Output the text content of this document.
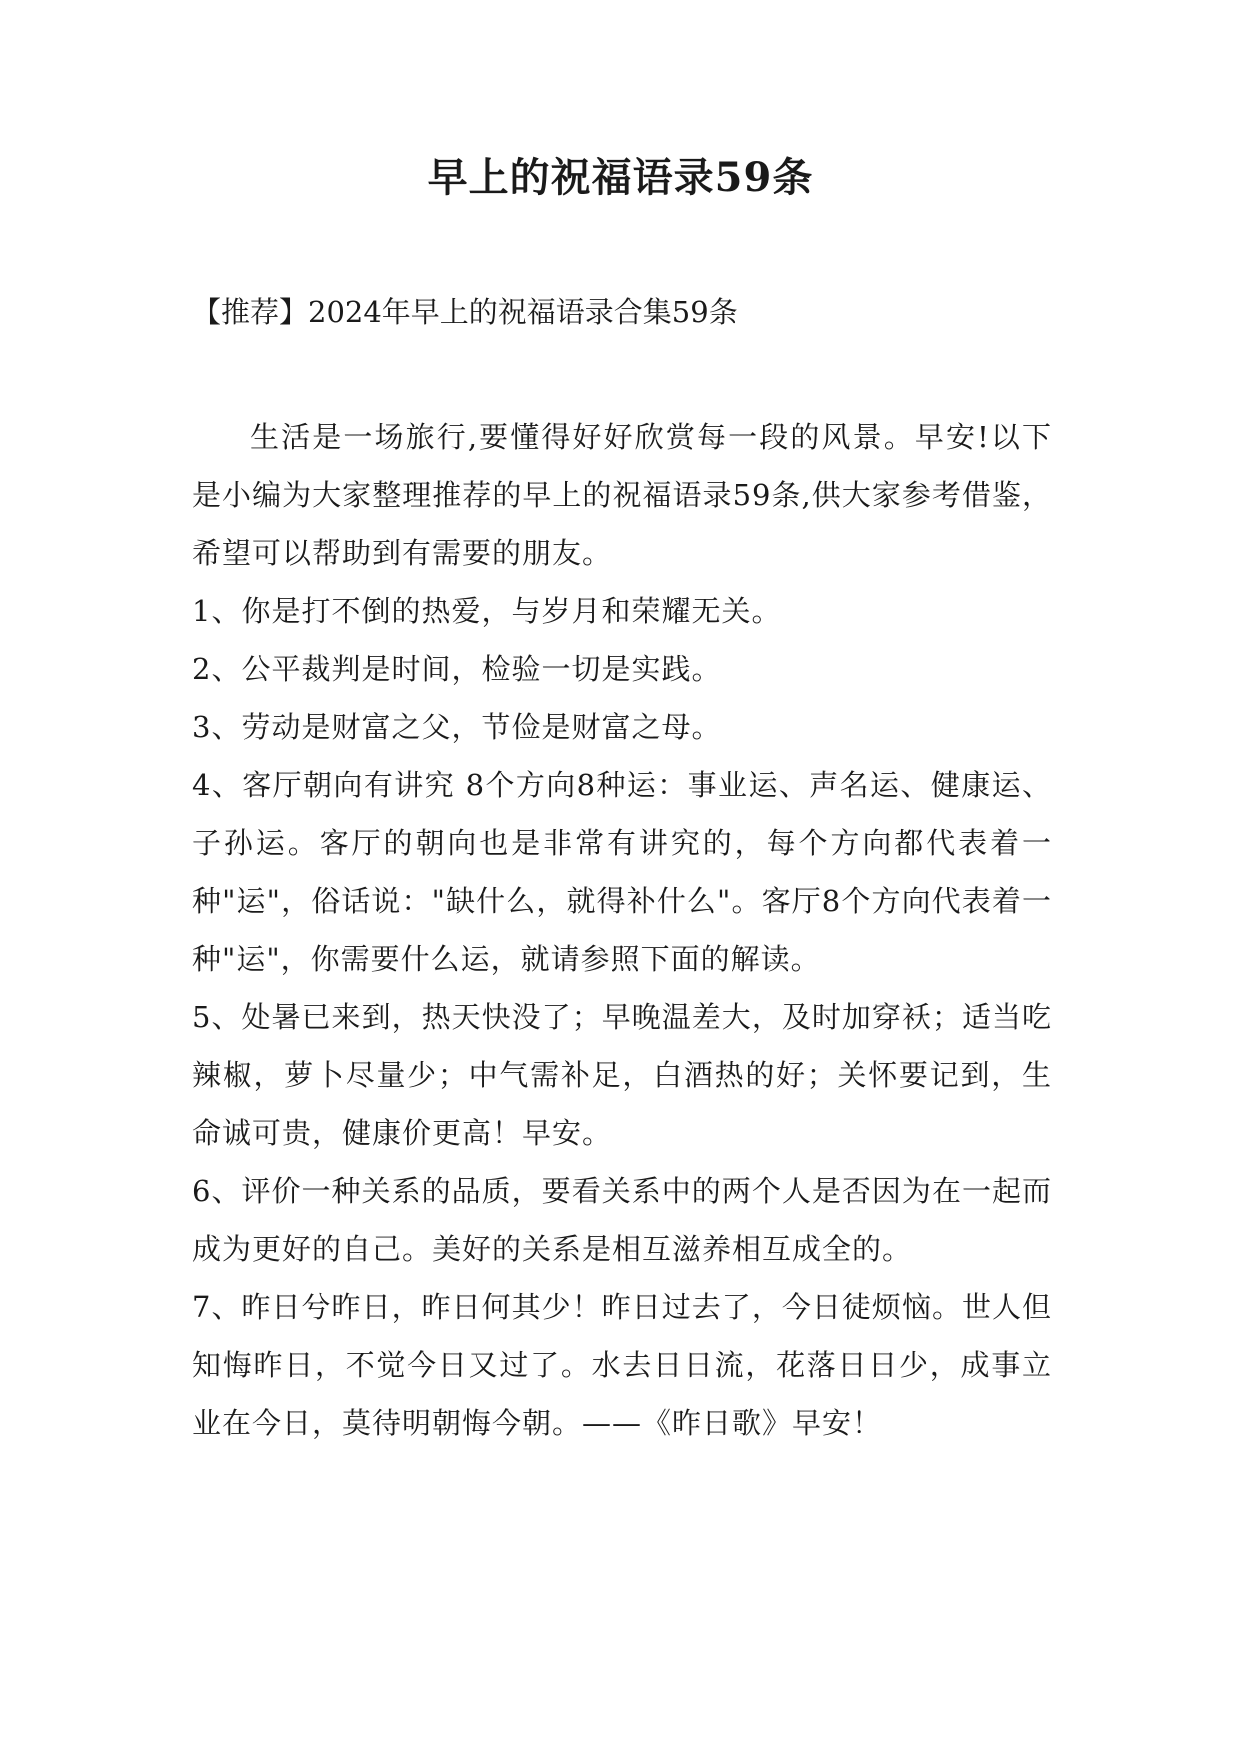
早上的祝福语录59条

【推荐】2024年早上的祝福语录合集59条

生活是一场旅行,要懂得好好欣赏每一段的风景。早安!以下是小编为大家整理推荐的早上的祝福语录59条,供大家参考借鉴，希望可以帮助到有需要的朋友。

1、你是打不倒的热爱，与岁月和荣耀无关。

2、公平裁判是时间，检验一切是实践。

3、劳动是财富之父，节俭是财富之母。

4、客厅朝向有讲究 8个方向8种运：事业运、声名运、健康运、子孙运。客厅的朝向也是非常有讲究的，每个方向都代表着一种"运"，俗话说："缺什么，就得补什么"。客厅8个方向代表着一种"运"，你需要什么运，就请参照下面的解读。

5、处暑已来到，热天快没了；早晚温差大，及时加穿袄；适当吃辣椒，萝卜尽量少；中气需补足，白酒热的好；关怀要记到，生命诚可贵，健康价更高！早安。

6、评价一种关系的品质，要看关系中的两个人是否因为在一起而成为更好的自己。美好的关系是相互滋养相互成全的。

7、昨日兮昨日，昨日何其少！昨日过去了，今日徒烦恼。世人但知悔昨日，不觉今日又过了。水去日日流，花落日日少，成事立业在今日，莫待明朝悔今朝。——《昨日歌》早安！
